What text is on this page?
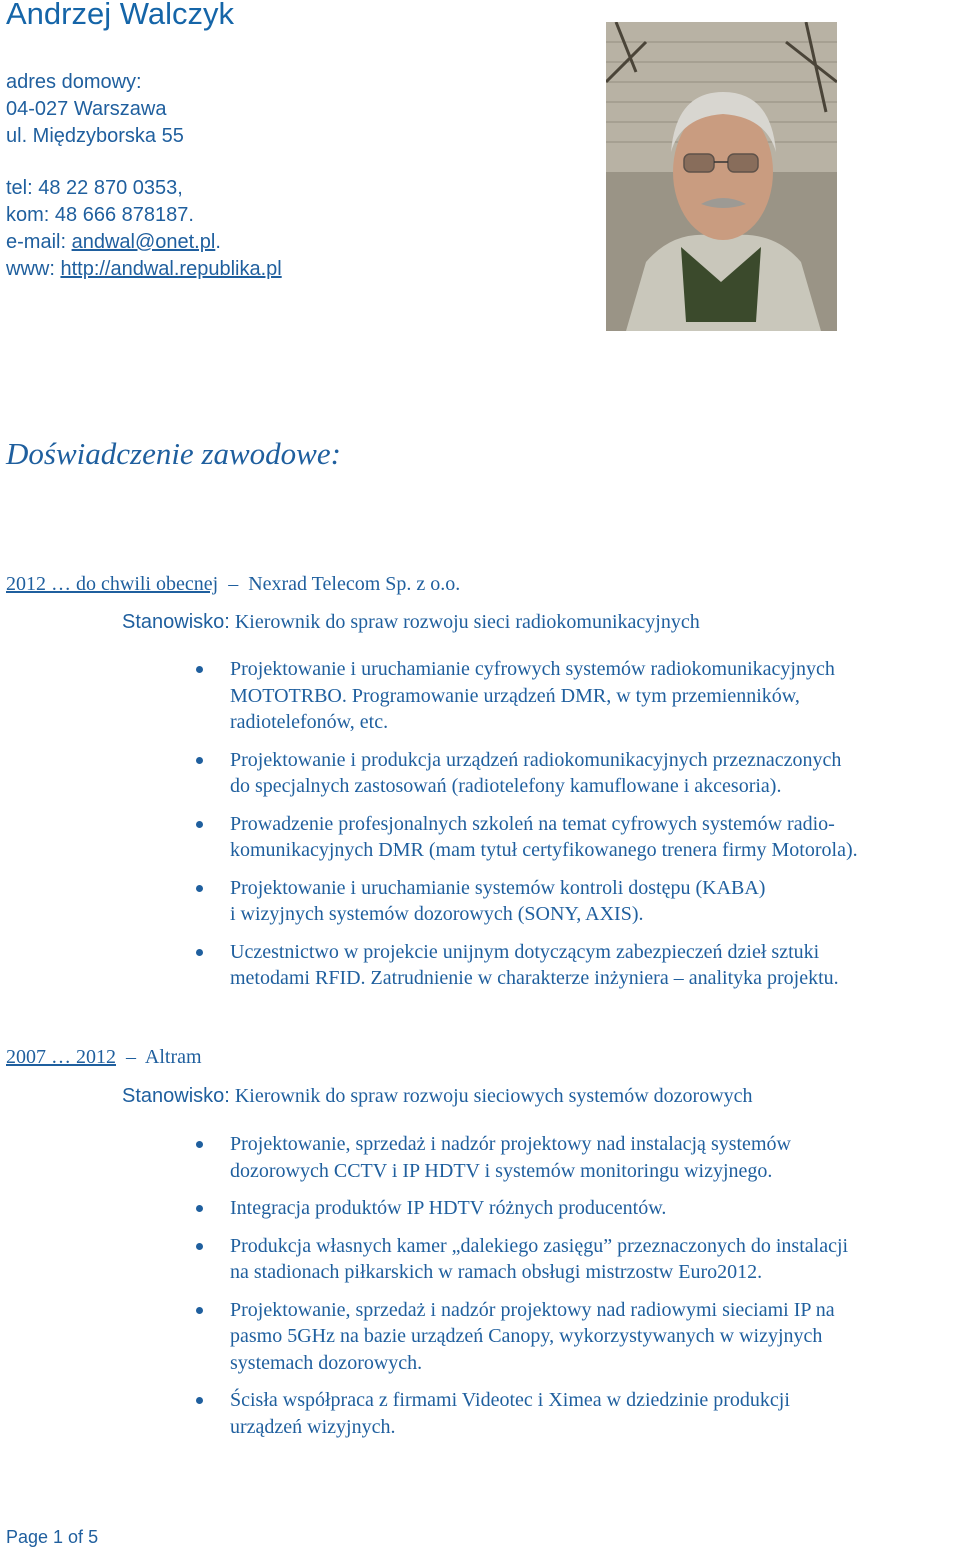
Andrzej Walczyk
adres domowy:
04-027 Warszawa
ul. Międzyborska 55
tel: 48 22 870 0353,
kom: 48 666 878187.
e-mail: andwal@onet.pl.
www: http://andwal.republika.pl
Doświadczenie zawodowe:
2012 … do chwili obecnej  –  Nexrad Telecom Sp. z o.o.
Stanowisko: Kierownik do spraw rozwoju sieci radiokomunikacyjnych
Projektowanie i uruchamianie cyfrowych systemów radiokomunikacyjnych
MOTOTRBO. Programowanie urządzeń DMR, w tym przemienników,
radiotelefonów, etc.
Projektowanie i produkcja urządzeń radiokomunikacyjnych przeznaczonych
do specjalnych zastosowań (radiotelefony kamuflowane i akcesoria).
Prowadzenie profesjonalnych szkoleń na temat cyfrowych systemów radio-
komunikacyjnych DMR (mam tytuł certyfikowanego trenera firmy Motorola).
Projektowanie i uruchamianie systemów kontroli dostępu (KABA)
i wizyjnych systemów dozorowych (SONY, AXIS).
Uczestnictwo w projekcie unijnym dotyczącym zabezpieczeń dzieł sztuki
metodami RFID. Zatrudnienie w charakterze inżyniera – analityka projektu.
2007 … 2012  –  Altram
Stanowisko: Kierownik do spraw rozwoju sieciowych systemów dozorowych
Projektowanie, sprzedaż i nadzór projektowy nad instalacją systemów
dozorowych CCTV i IP HDTV i systemów monitoringu wizyjnego.
Integracja produktów IP HDTV różnych producentów.
Produkcja własnych kamer „dalekiego zasięgu” przeznaczonych do instalacji
na stadionach piłkarskich w ramach obsługi mistrzostw Euro2012.
Projektowanie, sprzedaż i nadzór projektowy nad radiowymi sieciami IP na
pasmo 5GHz na bazie urządzeń Canopy, wykorzystywanych w wizyjnych
systemach dozorowych.
Ścisła współpraca z firmami Videotec i Ximea w dziedzinie produkcji
urządzeń wizyjnych.
Page 1 of 5
